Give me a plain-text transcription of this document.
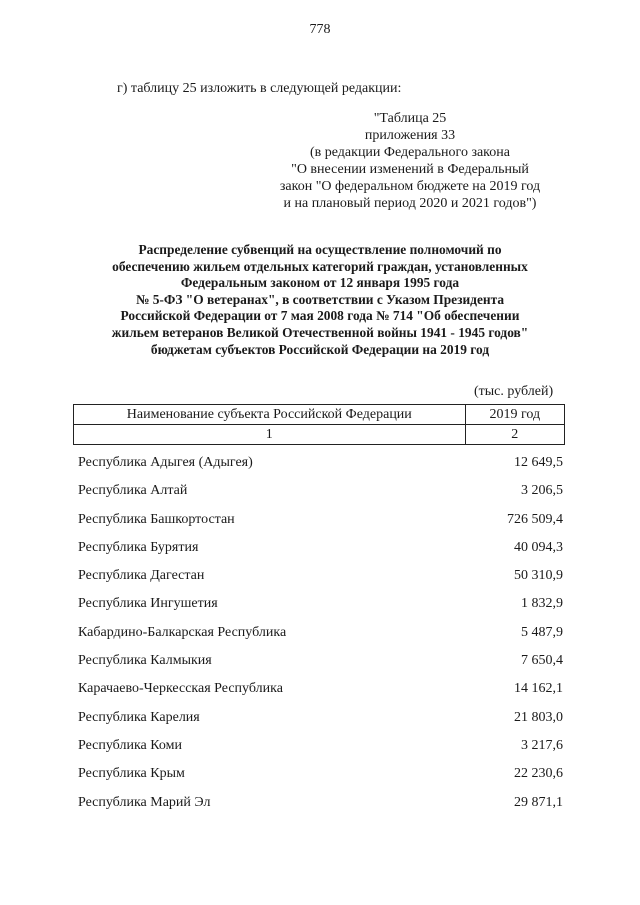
778
г) таблицу 25 изложить в следующей редакции:
"Таблица 25
приложения 33
(в редакции Федерального закона
"О внесении изменений в Федеральный
закон "О федеральном бюджете на 2019 год
и на плановый период 2020 и 2021 годов")
Распределение субвенций на осуществление полномочий по
обеспечению жильем отдельных категорий граждан, установленных
Федеральным законом от 12 января 1995 года
№ 5-ФЗ "О ветеранах", в соответствии с Указом Президента
Российской Федерации от 7 мая 2008 года № 714 "Об обеспечении
жильем ветеранов Великой Отечественной войны 1941 - 1945 годов"
бюджетам субъектов Российской Федерации на 2019 год
(тыс. рублей)
Наименование субъекта Российской Федерации	2019 год
1	2
Республика Адыгея (Адыгея)	12 649,5
Республика Алтай	3 206,5
Республика Башкортостан	726 509,4
Республика Бурятия	40 094,3
Республика Дагестан	50 310,9
Республика Ингушетия	1 832,9
Кабардино-Балкарская Республика	5 487,9
Республика Калмыкия	7 650,4
Карачаево-Черкесская Республика	14 162,1
Республика Карелия	21 803,0
Республика Коми	3 217,6
Республика Крым	22 230,6
Республика Марий Эл	29 871,1
